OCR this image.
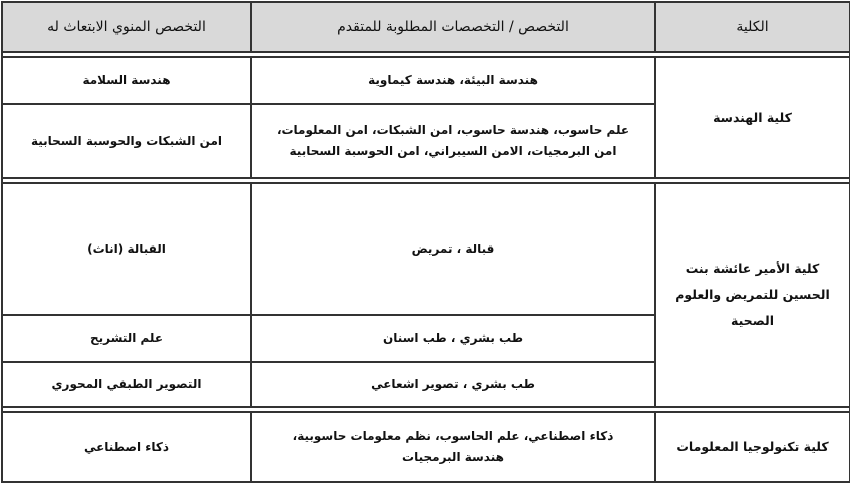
الكلية	التخصص / التخصصات المطلوبة للمتقدم	التخصص المنوي الابتعاث له

كلية الهندسة	هندسة البيئة، هندسة كيماوية	هندسة السلامة
	علم حاسوب، هندسة حاسوب، امن الشبكات، امن المعلومات، امن البرمجيات، الامن السيبراني، امن الحوسبة السحابية	امن الشبكات والحوسبة السحابية

كلية الأمير عائشة بنت الحسين للتمريض والعلوم الصحية	قبالة ، تمريض	القبالة (اناث)
	طب بشري ، طب اسنان	علم التشريح
	طب بشري ، تصوير اشعاعي	التصوير الطبقي المحوري

كلية تكنولوجيا المعلومات	ذكاء اصطناعي، علم الحاسوب، نظم معلومات حاسوبية، هندسة البرمجيات	ذكاء اصطناعي
